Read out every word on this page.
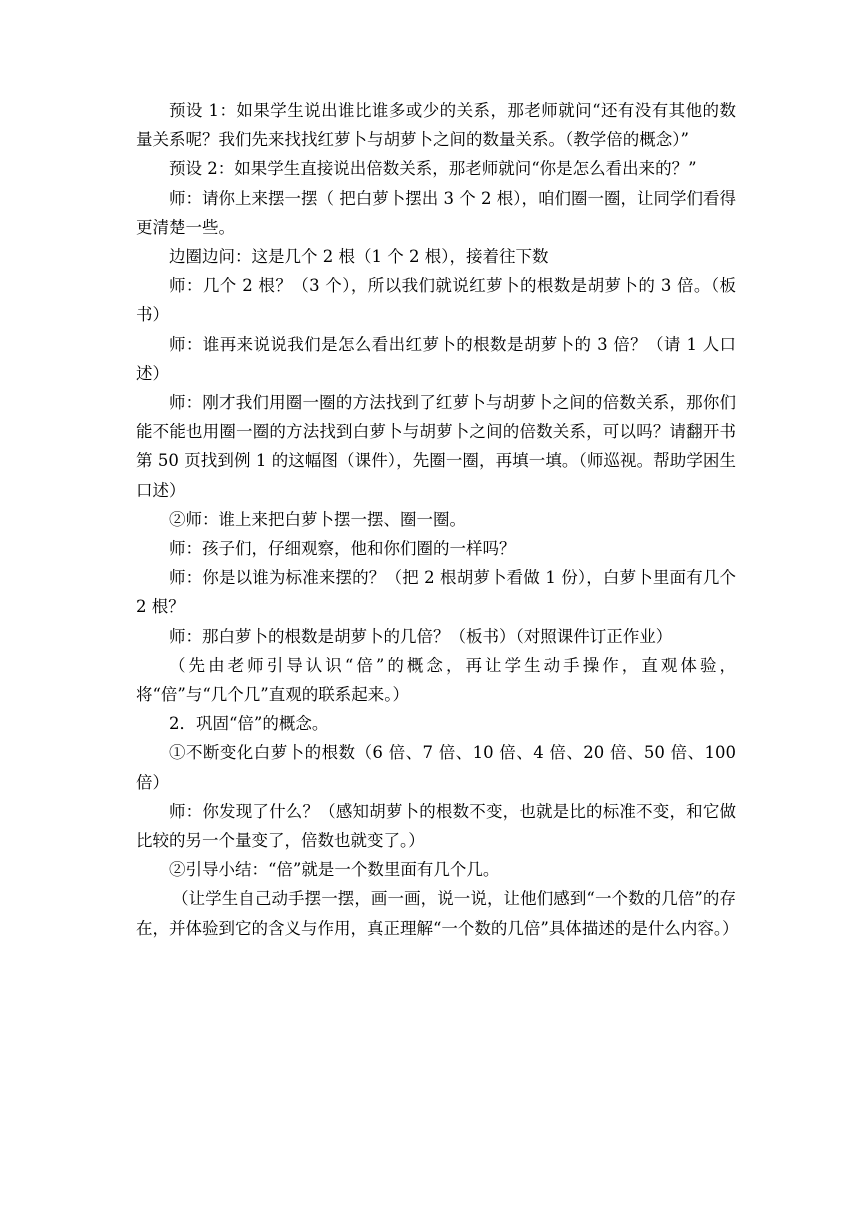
预设 1：如果学生说出谁比谁多或少的关系，那老师就问“还有没有其他的数量关系呢？我们先来找找红萝卜与胡萝卜之间的数量关系。（教学倍的概念）”

预设 2：如果学生直接说出倍数关系，那老师就问“你是怎么看出来的？”

师：请你上来摆一摆（ 把白萝卜摆出 3 个 2 根），咱们圈一圈，让同学们看得更清楚一些。

边圈边问：这是几个 2 根（1 个 2 根），接着往下数

师：几个 2 根？（3 个），所以我们就说红萝卜的根数是胡萝卜的 3 倍。（板书）

师：谁再来说说我们是怎么看出红萝卜的根数是胡萝卜的 3 倍？（请 1 人口述）

师：刚才我们用圈一圈的方法找到了红萝卜与胡萝卜之间的倍数关系，那你们能不能也用圈一圈的方法找到白萝卜与胡萝卜之间的倍数关系，可以吗？请翻开书第 50 页找到例 1 的这幅图（课件），先圈一圈，再填一填。（师巡视。帮助学困生口述）

②师：谁上来把白萝卜摆一摆、圈一圈。

师：孩子们，仔细观察，他和你们圈的一样吗？

师：你是以谁为标准来摆的？（把 2 根胡萝卜看做 1 份），白萝卜里面有几个 2 根？

师：那白萝卜的根数是胡萝卜的几倍？（板书）（对照课件订正作业）

（先由老师引导认识“倍”的概念，再让学生动手操作，直观体验，将“倍”与“几个几”直观的联系起来。）

2．巩固“倍”的概念。

①不断变化白萝卜的根数（6 倍、7 倍、10 倍、4 倍、20 倍、50 倍、100 倍）

师：你发现了什么？（感知胡萝卜的根数不变，也就是比的标准不变，和它做比较的另一个量变了，倍数也就变了。）

②引导小结：“倍”就是一个数里面有几个几。

（让学生自己动手摆一摆，画一画，说一说，让他们感到“一个数的几倍”的存在，并体验到它的含义与作用，真正理解“一个数的几倍”具体描述的是什么内容。）
